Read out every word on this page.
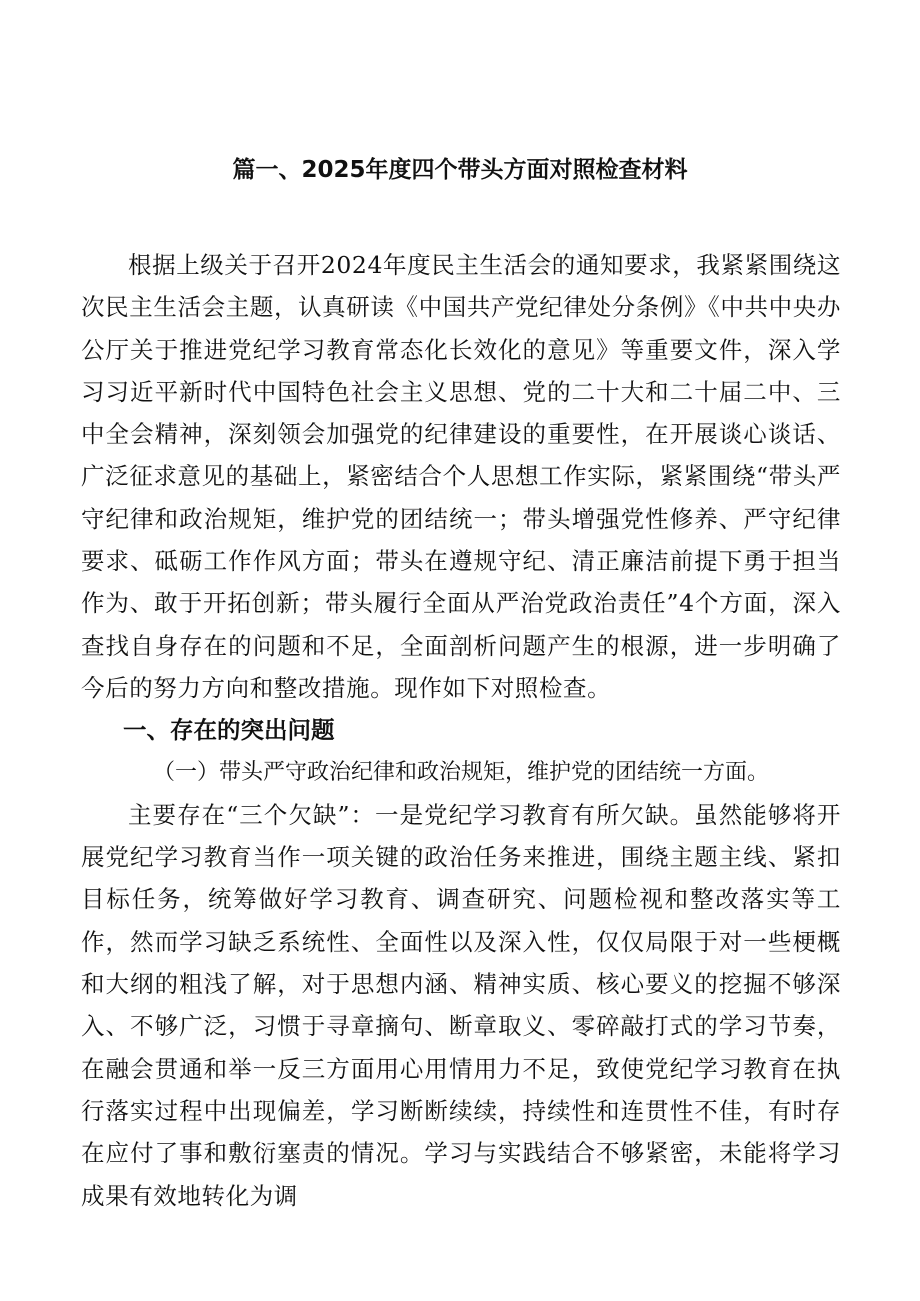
篇一、2025年度四个带头方面对照检查材料

根据上级关于召开2024年度民主生活会的通知要求，我紧紧围绕这次民主生活会主题，认真研读《中国共产党纪律处分条例》《中共中央办公厅关于推进党纪学习教育常态化长效化的意见》等重要文件，深入学习习近平新时代中国特色社会主义思想、党的二十大和二十届二中、三中全会精神，深刻领会加强党的纪律建设的重要性，在开展谈心谈话、广泛征求意见的基础上，紧密结合个人思想工作实际，紧紧围绕“带头严守纪律和政治规矩，维护党的团结统一；带头增强党性修养、严守纪律要求、砥砺工作作风方面；带头在遵规守纪、清正廉洁前提下勇于担当作为、敢于开拓创新；带头履行全面从严治党政治责任”4个方面，深入查找自身存在的问题和不足，全面剖析问题产生的根源，进一步明确了今后的努力方向和整改措施。现作如下对照检查。

一、存在的突出问题

（一）带头严守政治纪律和政治规矩，维护党的团结统一方面。

主要存在“三个欠缺”：一是党纪学习教育有所欠缺。虽然能够将开展党纪学习教育当作一项关键的政治任务来推进，围绕主题主线、紧扣目标任务，统筹做好学习教育、调查研究、问题检视和整改落实等工作，然而学习缺乏系统性、全面性以及深入性，仅仅局限于对一些梗概和大纲的粗浅了解，对于思想内涵、精神实质、核心要义的挖掘不够深入、不够广泛，习惯于寻章摘句、断章取义、零碎敲打式的学习节奏，在融会贯通和举一反三方面用心用情用力不足，致使党纪学习教育在执行落实过程中出现偏差，学习断断续续，持续性和连贯性不佳，有时存在应付了事和敷衍塞责的情况。学习与实践结合不够紧密，未能将学习成果有效地转化为调
